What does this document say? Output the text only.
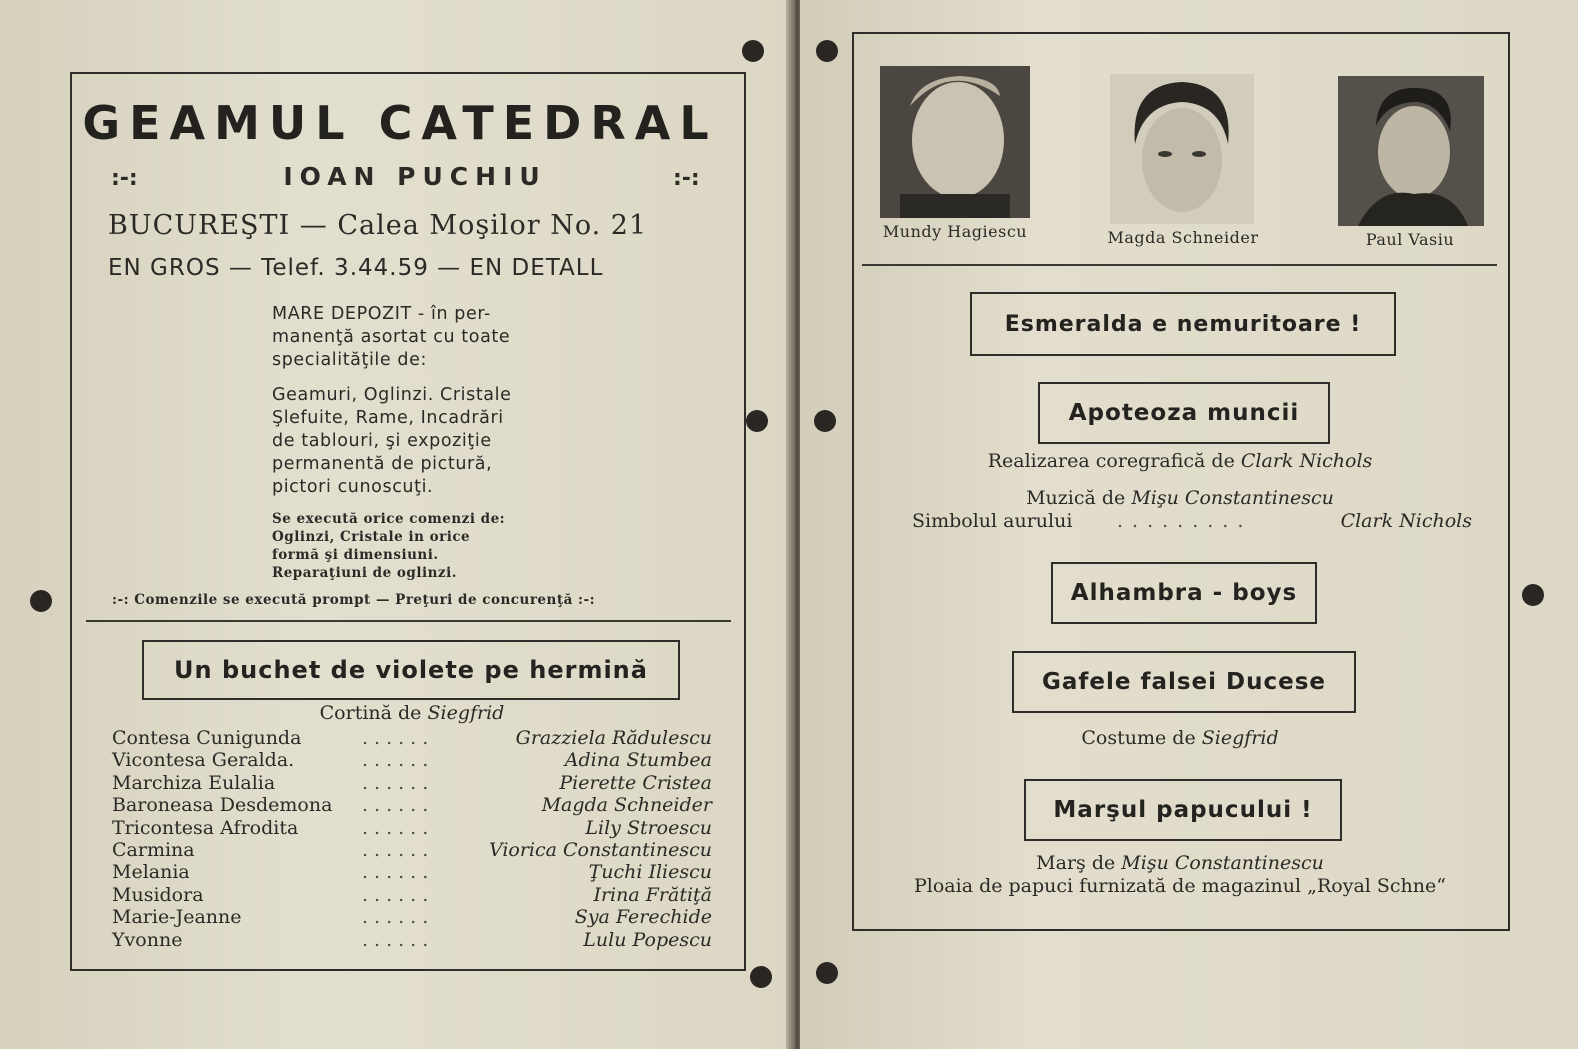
GEAMUL CATEDRAL
:-:	IOAN PUCHIU	:-:
BUCUREŞTI — Calea Moşilor No. 21
EN GROS — Telef. 3.44.59 — EN DETALL
MARE DEPOZIT - în per-
manenţă asortat cu toate
specialităţile de:
Geamuri, Oglinzi. Cristale
Şlefuite, Rame, Incadrări
de tablouri, şi expoziţie
permanentă de pictură,
pictori cunoscuţi.
Se execută orice comenzi de:
Oglinzi, Cristale in orice
formă şi dimensiuni.
Reparaţiuni de oglinzi.
:-: Comenzile se execută prompt — Preţuri de concurenţă :-:
Un buchet de violete pe hermină
Cortină de Siegfrid
Contesa Cunigunda	......	Grazziela Rădulescu
Vicontesa Geralda.	......	Adina Stumbea
Marchiza Eulalia	......	Pierette Cristea
Baroneasa Desdemona ......	Magda Schneider
Tricontesa Afrodita	......	Lily Stroescu
Carmina	......	Viorica Constantinescu
Melania	......	Ţuchi Iliescu
Musidora	......	Irina Frătiţă
Marie-Jeanne	......	Sya Ferechide
Yvonne	......	Lulu Popescu
Mundy Hagiescu	Magda Schneider	Paul Vasiu
Esmeralda e nemuritoare !
Apoteoza muncii
Realizarea coregrafică de Clark Nichols
Muzică de Mişu Constantinescu
Simbolul aurului .........	Clark Nichols
Alhambra - boys
Gafele falsei Ducese
Costume de Siegfrid
Marşul papucului !
Marş de Mişu Constantinescu
Ploaia de papuci furnizată de magazinul „Royal Schne“
